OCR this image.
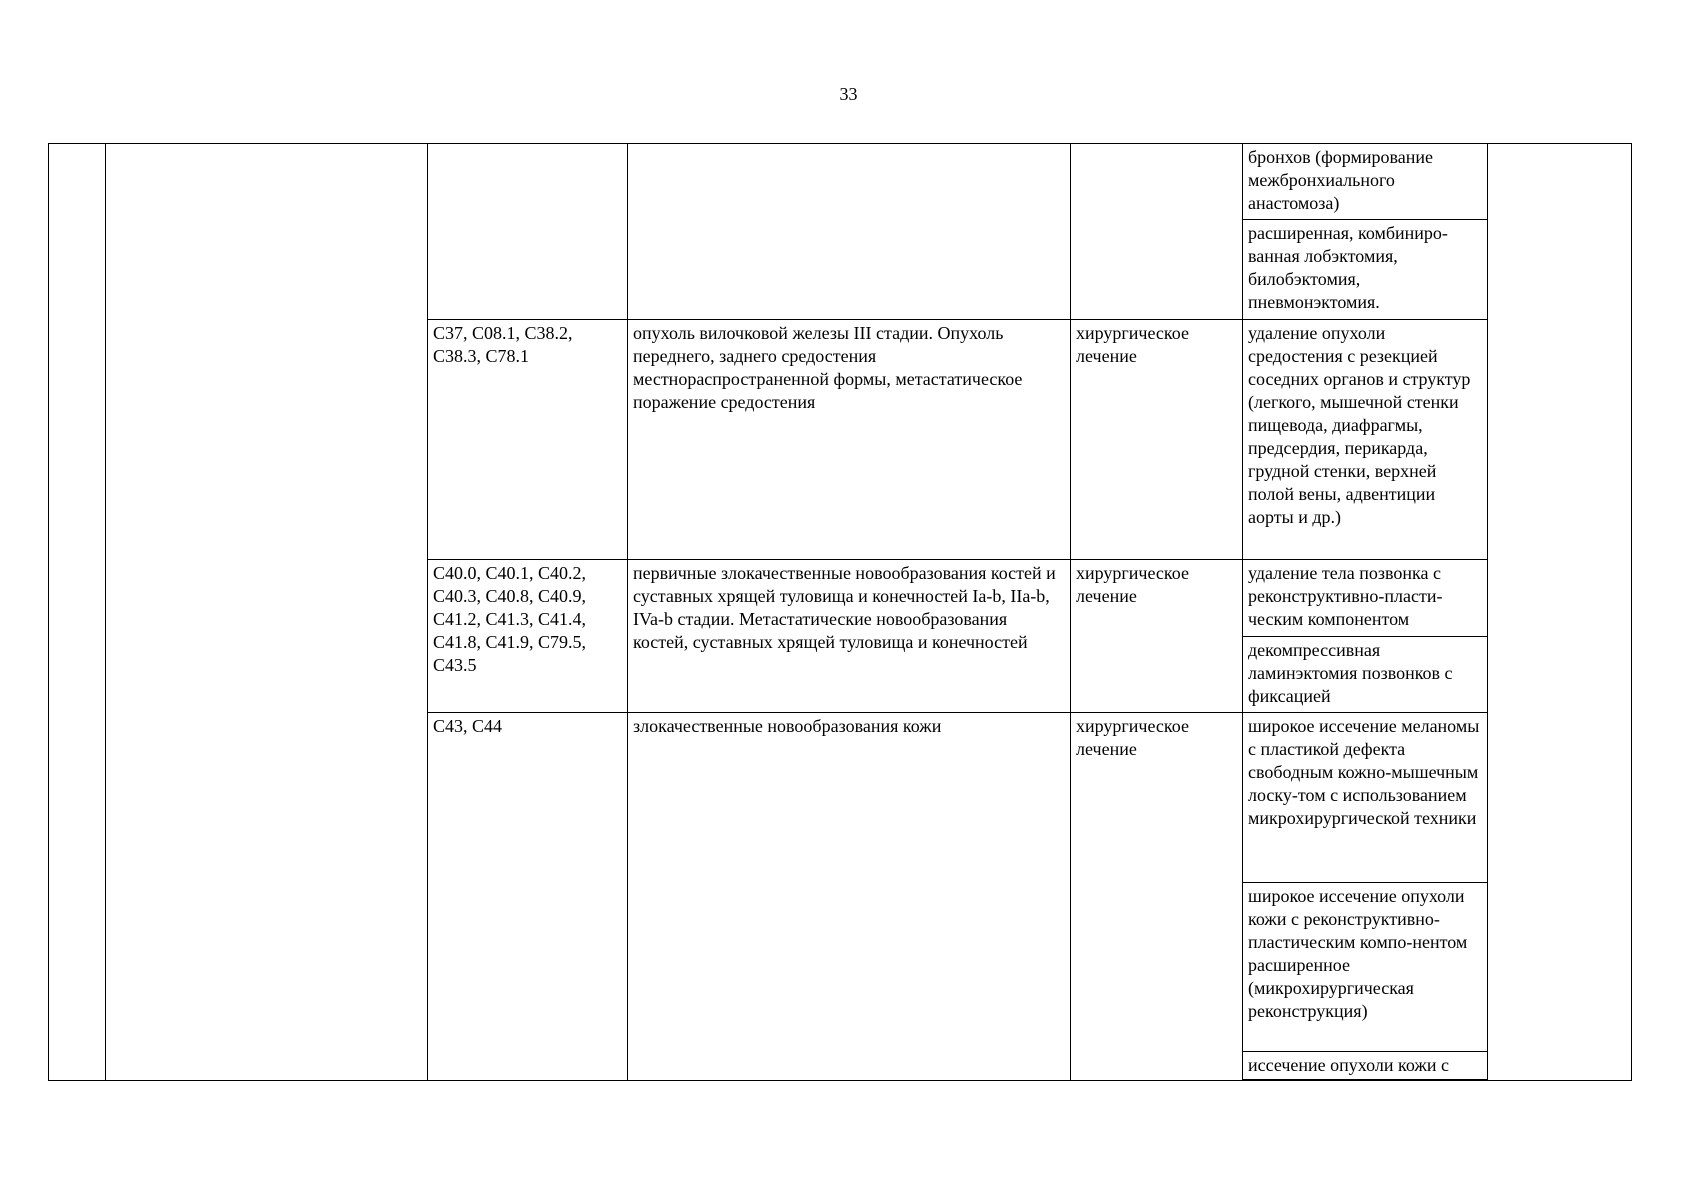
33
					бронхов (формирование межбронхиального анастомоза)	
					расширенная, комбиниро-ванная лобэктомия, билобэктомия, пневмонэктомия.	
		C37, C08.1, C38.2, C38.3, C78.1	опухоль вилочковой железы III стадии. Опухоль переднего, заднего средостения местнораспространенной формы, метастатическое поражение средостения	хирургическое лечение	удаление опухоли средостения с резекцией соседних органов и структур (легкого, мышечной стенки пищевода, диафрагмы, предсердия, перикарда, грудной стенки, верхней полой вены, адвентиции аорты и др.)	
		C40.0, C40.1, C40.2, C40.3, C40.8, C40.9, C41.2, C41.3, C41.4, C41.8, C41.9, C79.5, C43.5	первичные злокачественные новообразования костей и суставных хрящей туловища и конечностей Ia-b, IIa-b, IVa-b стадии. Метастатические новообразования костей, суставных хрящей туловища и конечностей	хирургическое лечение	удаление тела позвонка с реконструктивно-пласти-ческим компонентом	
					декомпрессивная ламинэктомия позвонков с фиксацией	
		C43, C44	злокачественные новообразования кожи	хирургическое лечение	широкое иссечение меланомы с пластикой дефекта свободным кожно-мышечным лоску-том с использованием микрохирургической техники	
					широкое иссечение опухоли кожи с реконструктивно-пластическим компо-нентом расширенное (микрохирургическая реконструкция)	
					иссечение опухоли кожи с	
